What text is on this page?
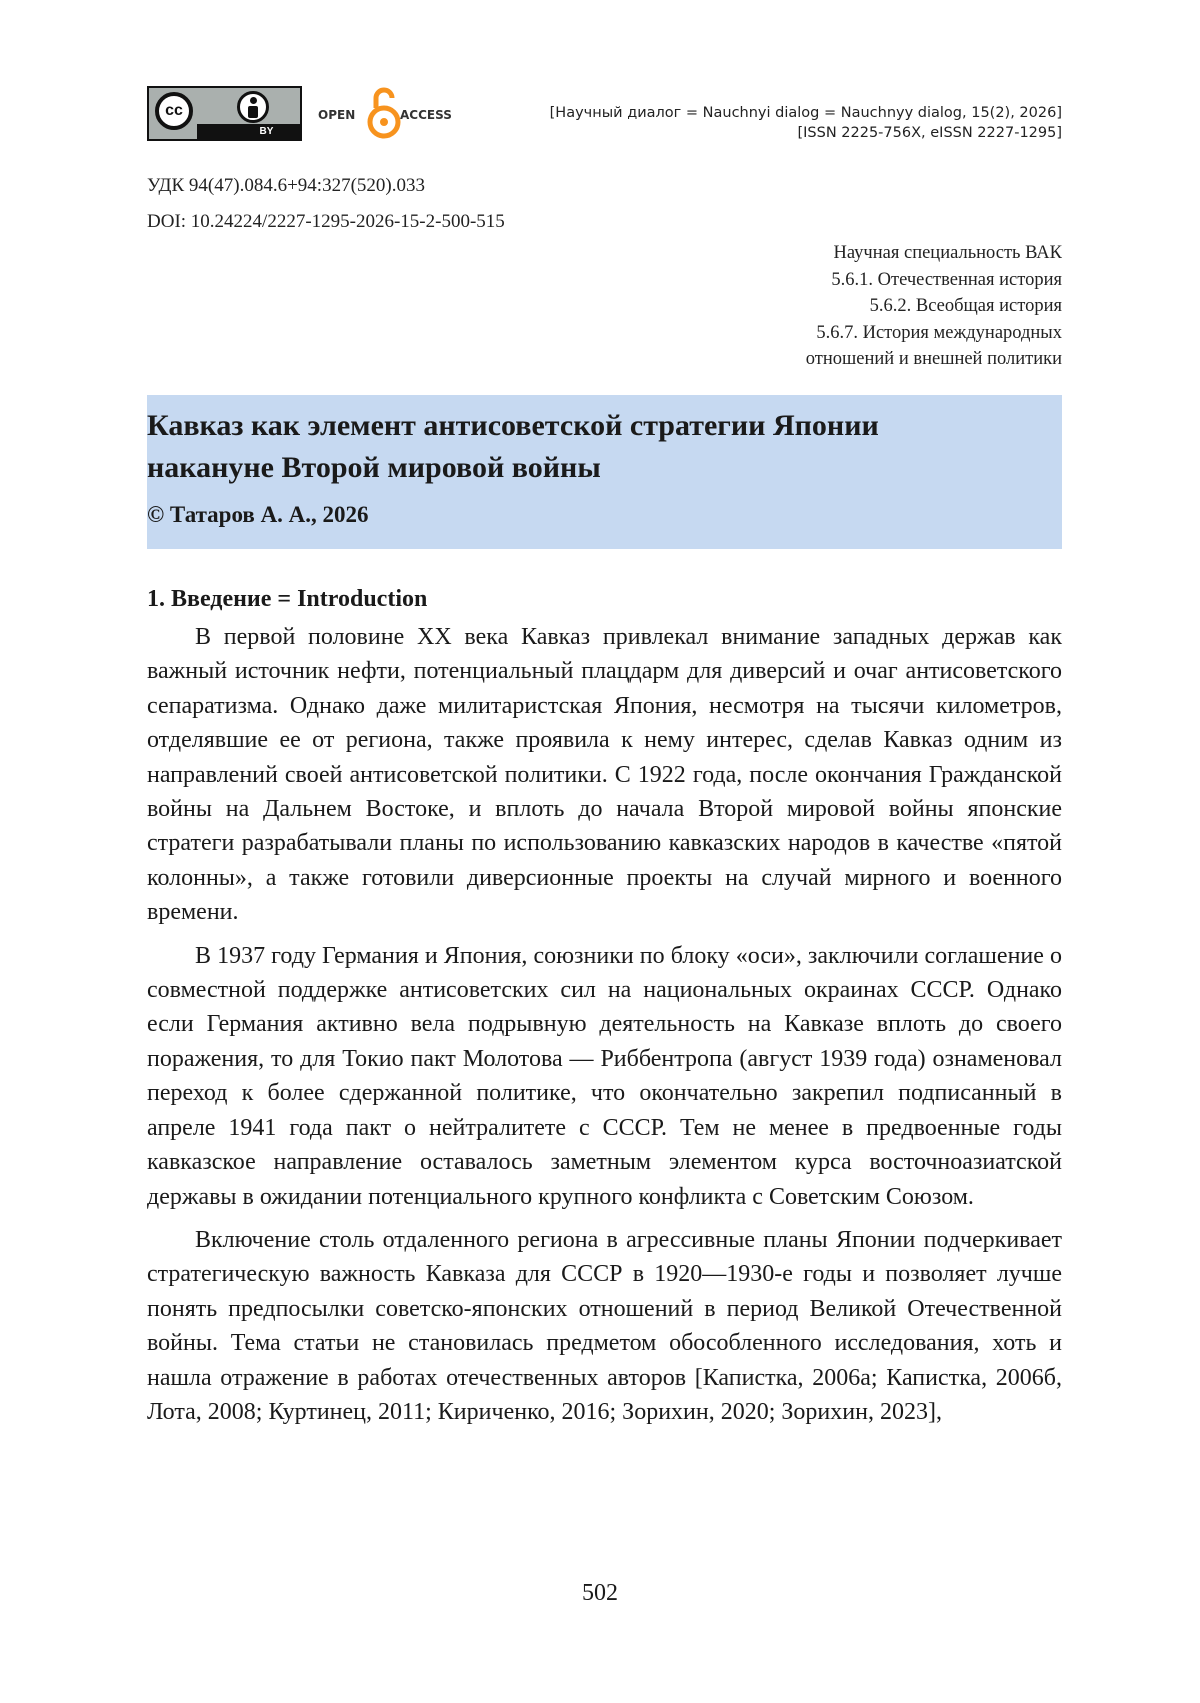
cc
BY
OPEN	ACCESS	[Научный диалог = Nauchnyi dialog = Nauchnyy dialog, 15(2), 2026]
[ISSN 2225-756X, eISSN 2227-1295]
УДК 94(47).084.6+94:327(520).033
DOI: 10.24224/2227-1295-2026-15-2-500-515
Научная специальность ВАК
5.6.1. Отечественная история
5.6.2. Всеобщая история
5.6.7. История международных
отношений и внешней политики
Кавказ как элемент антисоветской стратегии Японии
накануне Второй мировой войны
© Татаров А. А., 2026
1. Введение = Introduction

В первой половине XX века Кавказ привлекал внимание западных держав как важный источник нефти, потенциальный плацдарм для диверсий и очаг антисоветского сепаратизма. Однако даже милитаристская Япония, несмотря на тысячи километров, отделявшие ее от региона, также проявила к нему интерес, сделав Кавказ одним из направлений своей антисоветской политики. С 1922 года, после окончания Гражданской войны на Дальнем Востоке, и вплоть до начала Второй мировой войны японские стратеги разрабатывали планы по использованию кавказских народов в качестве «пятой колонны», а также готовили диверсионные проекты на случай мирного и военного времени.

В 1937 году Германия и Япония, союзники по блоку «оси», заключили соглашение о совместной поддержке антисоветских сил на национальных окраинах СССР. Однако если Германия активно вела подрывную деятельность на Кавказе вплоть до своего поражения, то для Токио пакт Молотова — Риббентропа (август 1939 года) ознаменовал переход к более сдержанной политике, что окончательно закрепил подписанный в апреле 1941 года пакт о нейтралитете с СССР. Тем не менее в предвоенные годы кавказское направление оставалось заметным элементом курса восточноазиатской державы в ожидании потенциального крупного конфликта с Советским Союзом.

Включение столь отдаленного региона в агрессивные планы Японии подчеркивает стратегическую важность Кавказа для СССР в 1920—1930-е годы и позволяет лучше понять предпосылки советско-японских отношений в период Великой Отечественной войны. Тема статьи не становилась предметом обособленного исследования, хоть и нашла отражение в работах отечественных авторов [Капистка, 2006а; Капистка, 2006б, Лота, 2008; Куртинец, 2011; Кириченко, 2016; Зорихин, 2020; Зорихин, 2023],

502
